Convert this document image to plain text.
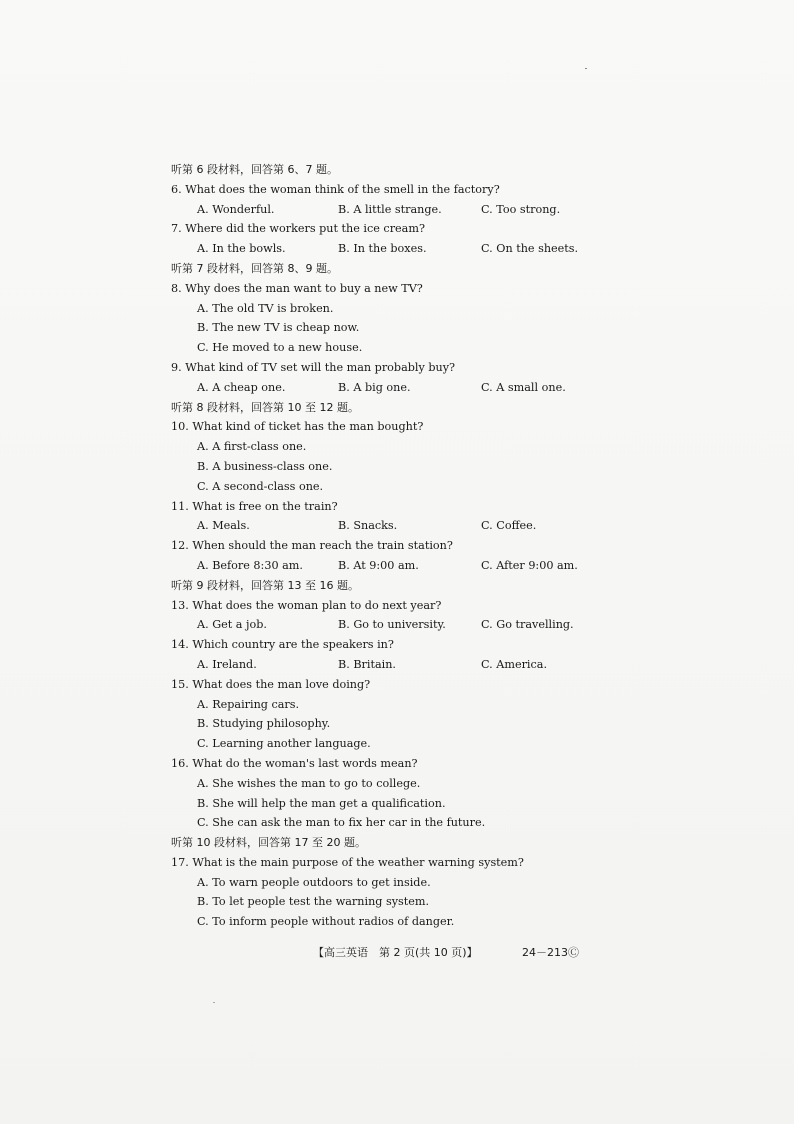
听第 6 段材料，回答第 6、7 题。
6. What does the woman think of the smell in the factory?
A. Wonderful.	B. A little strange.	C. Too strong.
7. Where did the workers put the ice cream?
A. In the bowls.	B. In the boxes.	C. On the sheets.
听第 7 段材料，回答第 8、9 题。
8. Why does the man want to buy a new TV?
A. The old TV is broken.
B. The new TV is cheap now.
C. He moved to a new house.
9. What kind of TV set will the man probably buy?
A. A cheap one.	B. A big one.	C. A small one.
听第 8 段材料，回答第 10 至 12 题。
10. What kind of ticket has the man bought?
A. A first-class one.
B. A business-class one.
C. A second-class one.
11. What is free on the train?
A. Meals.	B. Snacks.	C. Coffee.
12. When should the man reach the train station?
A. Before 8:30 am.	B. At 9:00 am.	C. After 9:00 am.
听第 9 段材料，回答第 13 至 16 题。
13. What does the woman plan to do next year?
A. Get a job.	B. Go to university.	C. Go travelling.
14. Which country are the speakers in?
A. Ireland.	B. Britain.	C. America.
15. What does the man love doing?
A. Repairing cars.
B. Studying philosophy.
C. Learning another language.
16. What do the woman's last words mean?
A. She wishes the man to go to college.
B. She will help the man get a qualification.
C. She can ask the man to fix her car in the future.
听第 10 段材料，回答第 17 至 20 题。
17. What is the main purpose of the weather warning system?
A. To warn people outdoors to get inside.
B. To let people test the warning system.
C. To inform people without radios of danger.
【高三英语　第 2 页(共 10 页)】	24－213Ⓒ
